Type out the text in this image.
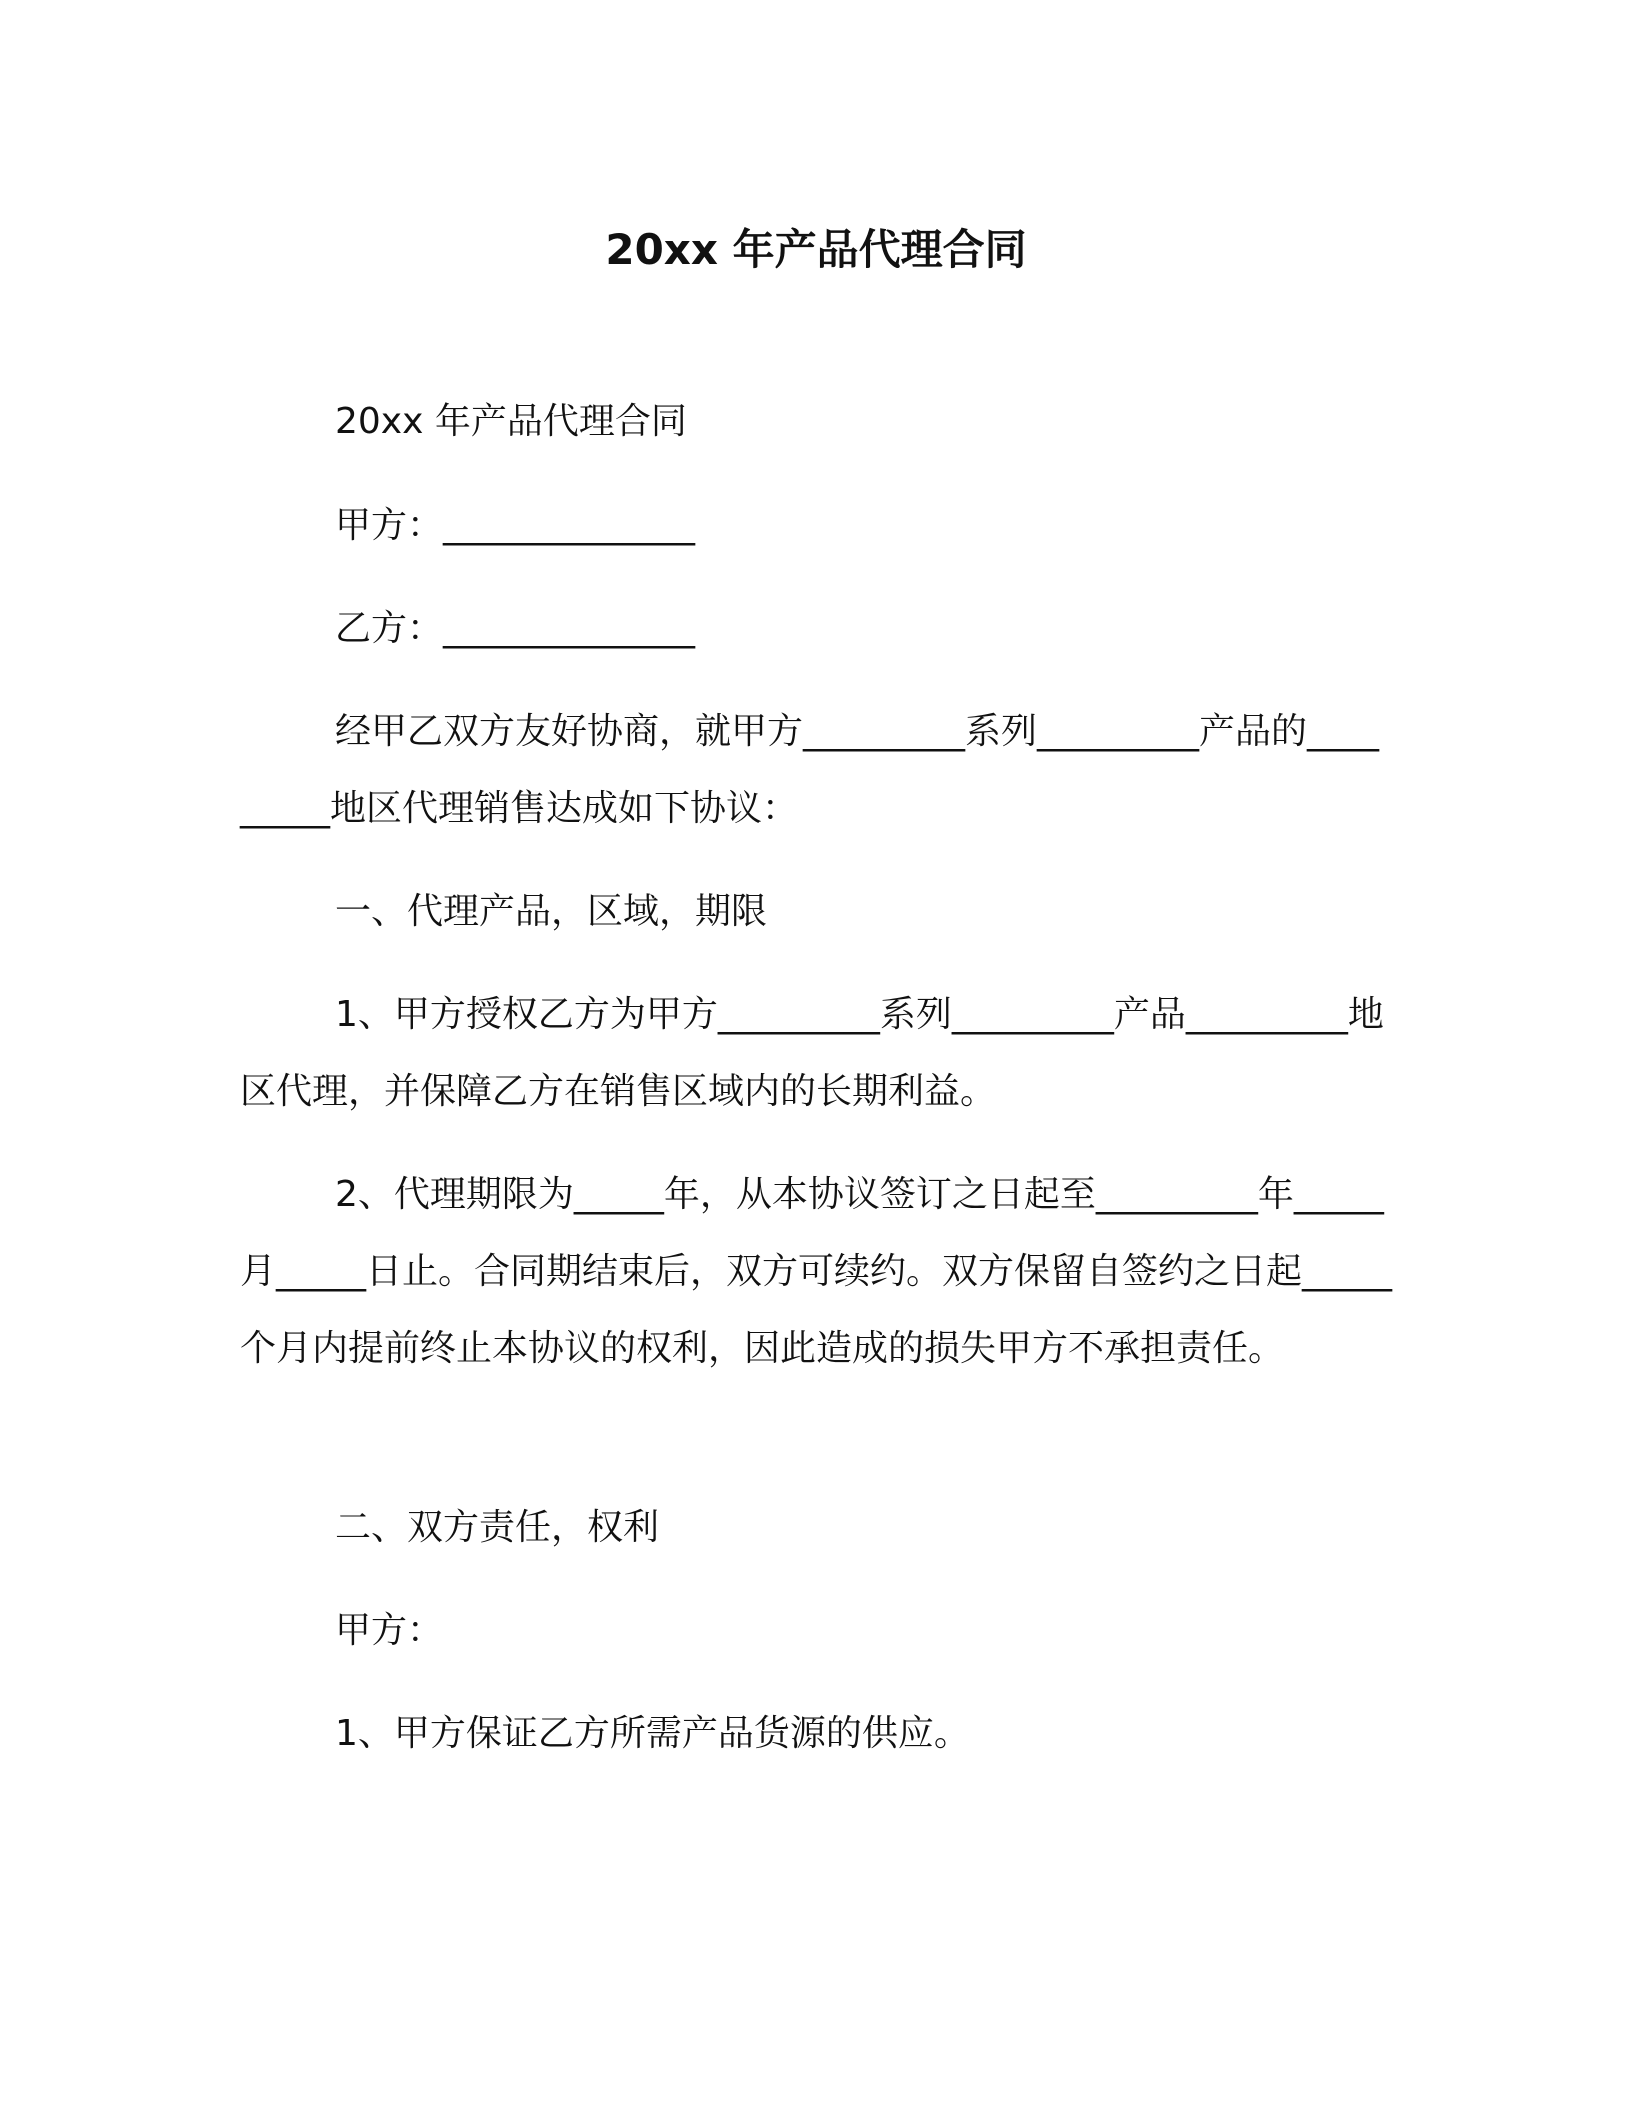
20xx 年产品代理合同
20xx 年产品代理合同
甲方：______________
乙方：______________
经甲乙双方友好协商，就甲方_________系列_________产品的_________地区代理销售达成如下协议：
一、代理产品，区域，期限
1、甲方授权乙方为甲方_________系列_________产品_________地区代理，并保障乙方在销售区域内的长期利益。
2、代理期限为_____年，从本协议签订之日起至_________年_____月_____日止。合同期结束后，双方可续约。双方保留自签约之日起_____个月内提前终止本协议的权利，因此造成的损失甲方不承担责任。
二、双方责任，权利
甲方：
1、甲方保证乙方所需产品货源的供应。
